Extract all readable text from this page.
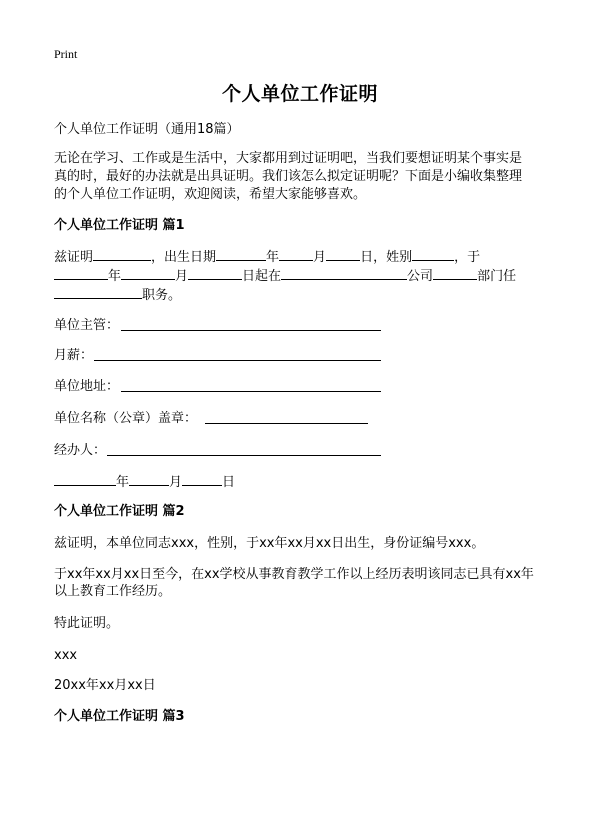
Print
个人单位工作证明
个人单位工作证明（通用18篇）
无论在学习、工作或是生活中，大家都用到过证明吧，当我们要想证明某个事实是
真的时，最好的办法就是出具证明。我们该怎么拟定证明呢？下面是小编收集整理
的个人单位工作证明，欢迎阅读，希望大家能够喜欢。
个人单位工作证明 篇1
兹证明	，出生日期	年	月	日，姓别	，于
年	月	日起在	公司	部门任
职务。
单位主管：
月薪：
单位地址：
单位名称（公章）盖章：
经办人：
年	月	日
个人单位工作证明 篇2
兹证明，本单位同志xxx，性别，于xx年xx月xx日出生，身份证编号xxx。
于xx年xx月xx日至今，在xx学校从事教育教学工作以上经历表明该同志已具有xx年
以上教育工作经历。
特此证明。
xxx
20xx年xx月xx日
个人单位工作证明 篇3
